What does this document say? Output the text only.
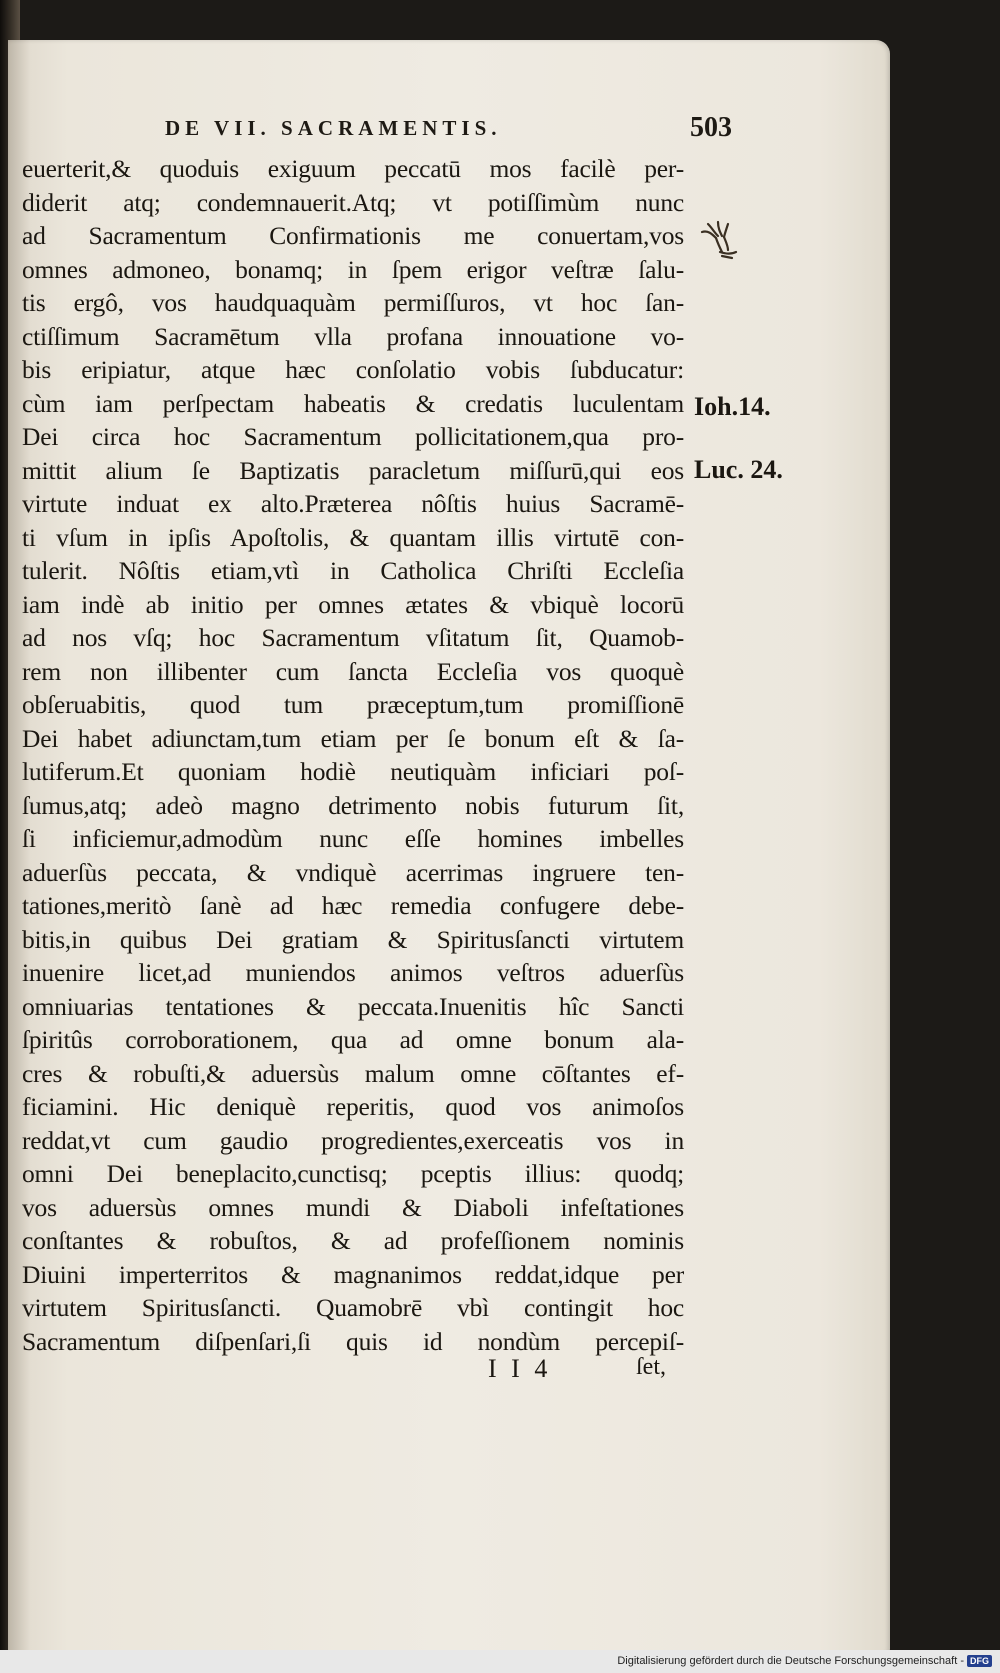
DE VII. SACRAMENTIS.	503
Ioh.14.
Luc. 24.
euerterit,& quoduis exiguum peccatū mos facilè per-
diderit atq; condemnauerit.Atq; vt potiſſimùm nunc
ad Sacramentum Confirmationis me conuertam,vos
omnes admoneo, bonamq; in ſpem erigor veſtræ ſalu-
tis ergô, vos haudquaquàm permiſſuros, vt hoc ſan-
ctiſſimum Sacramētum vlla profana innouatione vo-
bis eripiatur, atque hæc conſolatio vobis ſubducatur:
cùm iam perſpectam habeatis & credatis luculentam
Dei circa hoc Sacramentum pollicitationem,qua pro-
mittit alium ſe Baptizatis paracletum miſſurū,qui eos
virtute induat ex alto.Præterea nôſtis huius Sacramē-
ti vſum in ipſis Apoſtolis, & quantam illis virtutē con-
tulerit. Nôſtis etiam,vtì in Catholica Chriſti Eccleſia
iam indè ab initio per omnes ætates & vbiquè locorū
ad nos vſq; hoc Sacramentum vſitatum ſit, Quamob-
rem non illibenter cum ſancta Eccleſia vos quoquè
obſeruabitis, quod tum præceptum,tum promiſſionē
Dei habet adiunctam,tum etiam per ſe bonum eſt & ſa-
lutiferum.Et quoniam hodiè neutiquàm inficiari poſ-
ſumus,atq; adeò magno detrimento nobis futurum ſit,
ſi inficiemur,admodùm nunc eſſe homines imbelles
aduerſùs peccata, & vndiquè acerrimas ingruere ten-
tationes,meritò ſanè ad hæc remedia confugere debe-
bitis,in quibus Dei gratiam & Spiritusſancti virtutem
inuenire licet,ad muniendos animos veſtros aduerſùs
omniuarias tentationes & peccata.Inuenitis hîc Sancti
ſpiritûs corroborationem, qua ad omne bonum ala-
cres & robuſti,& aduersùs malum omne cōſtantes ef-
ficiamini. Hic deniquè reperitis, quod vos animoſos
reddat,vt cum gaudio progredientes,exerceatis vos in
omni Dei beneplacito,cunctisq; pceptis illius: quodq;
vos aduersùs omnes mundi & Diaboli infeſtationes
conſtantes & robuſtos, & ad profeſſionem nominis
Diuini imperterritos & magnanimos reddat,idque per
virtutem Spiritusſancti. Quamobrē vbì contingit hoc
Sacramentum diſpenſari,ſi quis id nondùm percepiſ-
I I 4	ſet,
Digitalisierung gefördert durch die Deutsche Forschungsgemeinschaft - DFG
